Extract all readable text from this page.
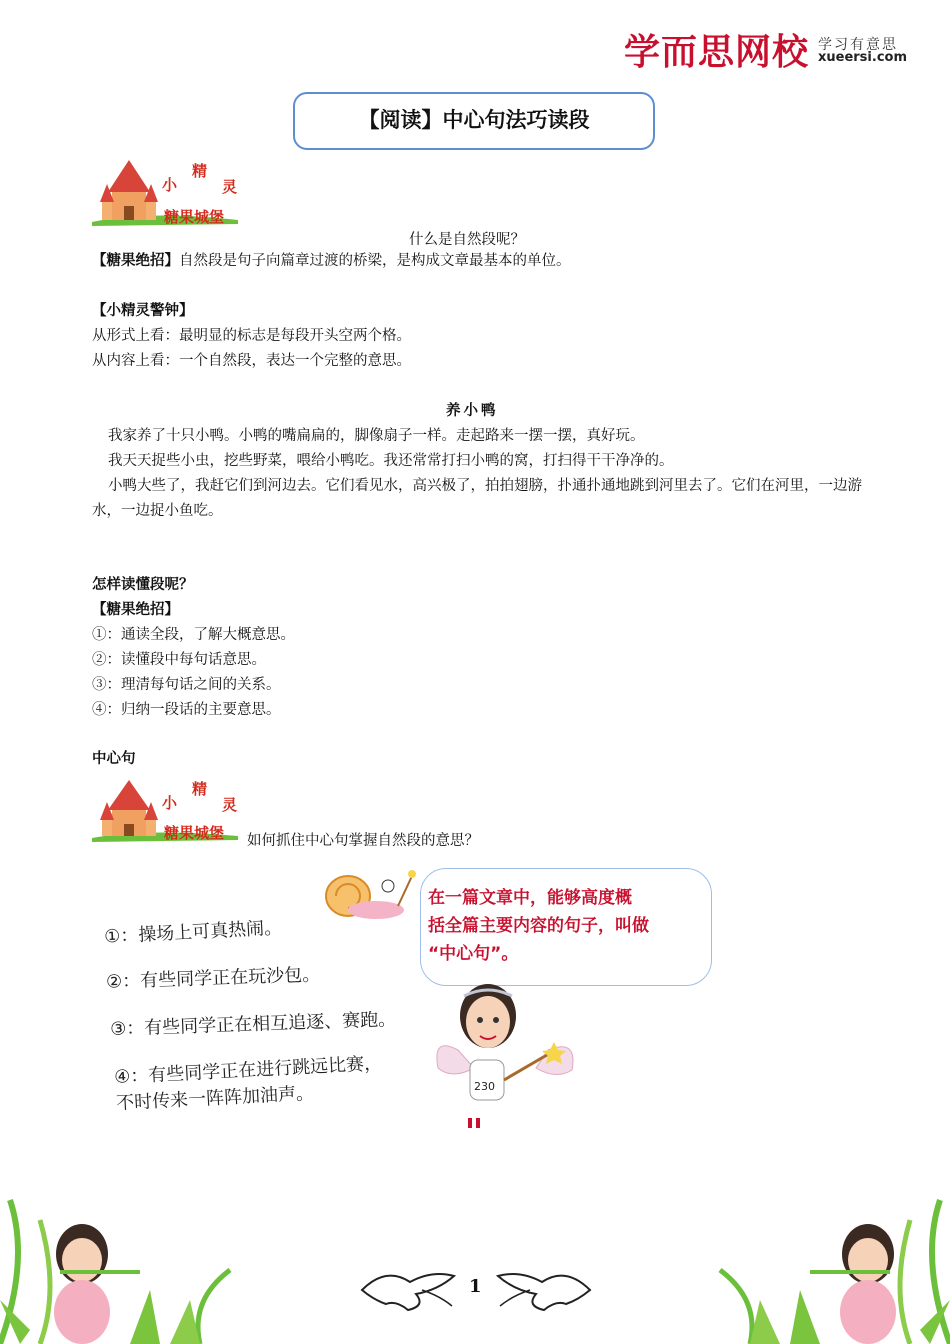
学而思网校 学习有意思
xueersi.com
【阅读】中心句法巧读段
小
精
灵
糖果城堡
什么是自然段呢？
【糖果绝招】自然段是句子向篇章过渡的桥梁，是构成文章最基本的单位。
【小精灵警钟】
从形式上看：最明显的标志是每段开头空两个格。
从内容上看：一个自然段，表达一个完整的意思。
养小鸭
我家养了十只小鸭。小鸭的嘴扁扁的，脚像扇子一样。走起路来一摆一摆，真好玩。
我天天捉些小虫，挖些野菜，喂给小鸭吃。我还常常打扫小鸭的窝，打扫得干干净净的。
小鸭大些了，我赶它们到河边去。它们看见水，高兴极了，拍拍翅膀，扑通扑通地跳到河里去了。它们在河里，一边游水，一边捉小鱼吃。
怎样读懂段呢？
【糖果绝招】
①：通读全段，了解大概意思。
②：读懂段中每句话意思。
③：理清每句话之间的关系。
④：归纳一段话的主要意思。
中心句
小
精
灵
糖果城堡 如何抓住中心句掌握自然段的意思？
①：操场上可真热闹。
②：有些同学正在玩沙包。
③：有些同学正在相互追逐、赛跑。
④：有些同学正在进行跳远比赛，
不时传来一阵阵加油声。
在一篇文章中，能够高度概
括全篇主要内容的句子，叫做
“中心句”。
230
1
